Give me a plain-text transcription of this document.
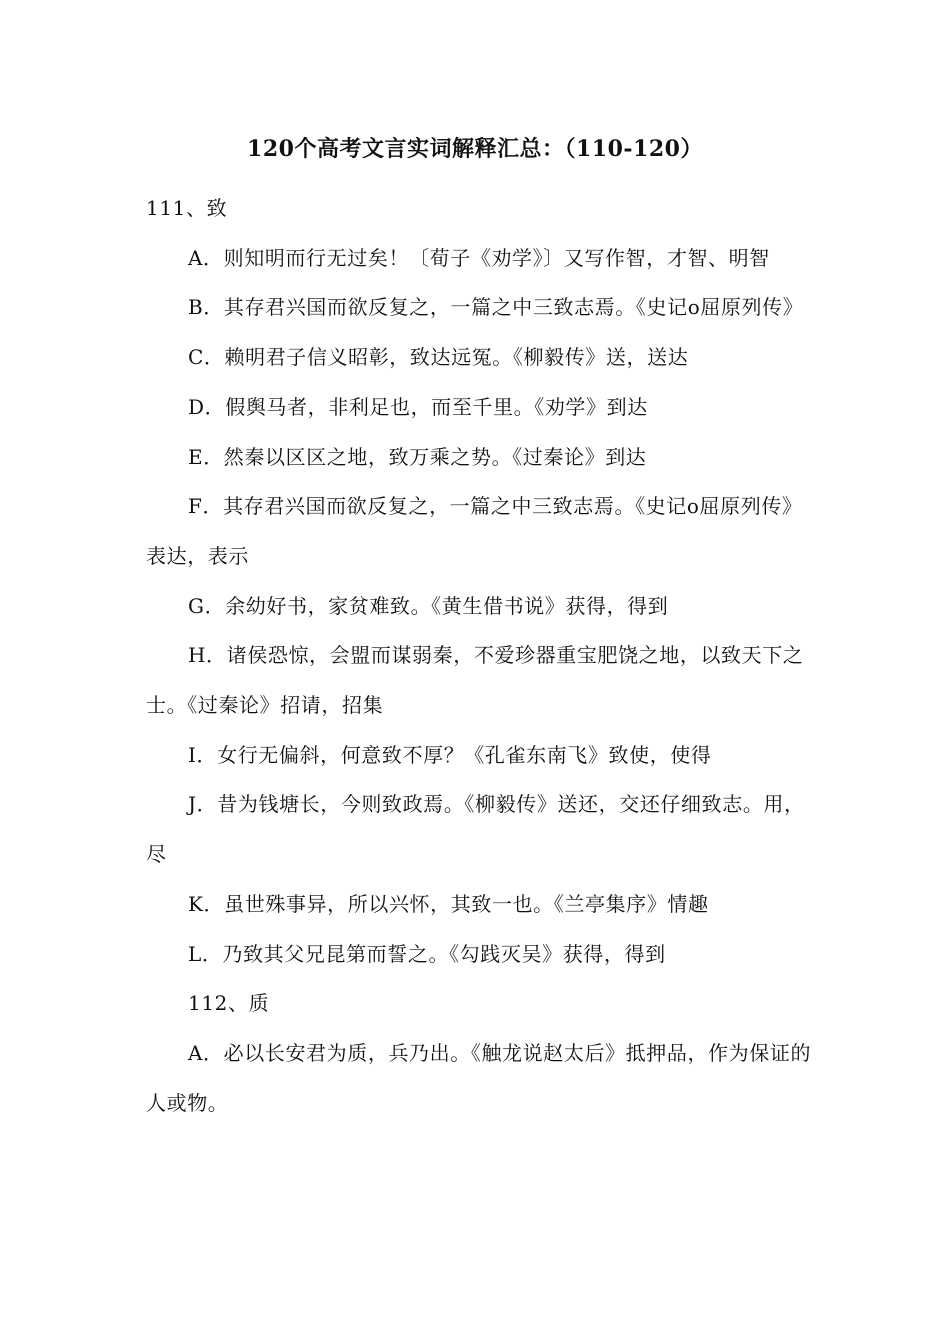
120个高考文言实词解释汇总：（110-120）

111、致

A．则知明而行无过矣！〔荀子《劝学》〕又写作智，才智、明智

B．其存君兴国而欲反复之，一篇之中三致志焉。《史记ο屈原列传》

C．赖明君子信义昭彰，致达远冤。《柳毅传》送，送达

D．假舆马者，非利足也，而至千里。《劝学》到达

E．然秦以区区之地，致万乘之势。《过秦论》到达

F．其存君兴国而欲反复之，一篇之中三致志焉。《史记ο屈原列传》表达，表示

G．余幼好书，家贫难致。《黄生借书说》获得，得到

H．诸侯恐惊，会盟而谋弱秦，不爱珍器重宝肥饶之地，以致天下之士。《过秦论》招请，招集

I．女行无偏斜，何意致不厚？《孔雀东南飞》致使，使得

J．昔为钱塘长，今则致政焉。《柳毅传》送还，交还仔细致志。用，尽

K．虽世殊事异，所以兴怀，其致一也。《兰亭集序》情趣

L．乃致其父兄昆第而誓之。《勾践灭吴》获得，得到

112、质

A．必以长安君为质，兵乃出。《触龙说赵太后》抵押品，作为保证的人或物。
